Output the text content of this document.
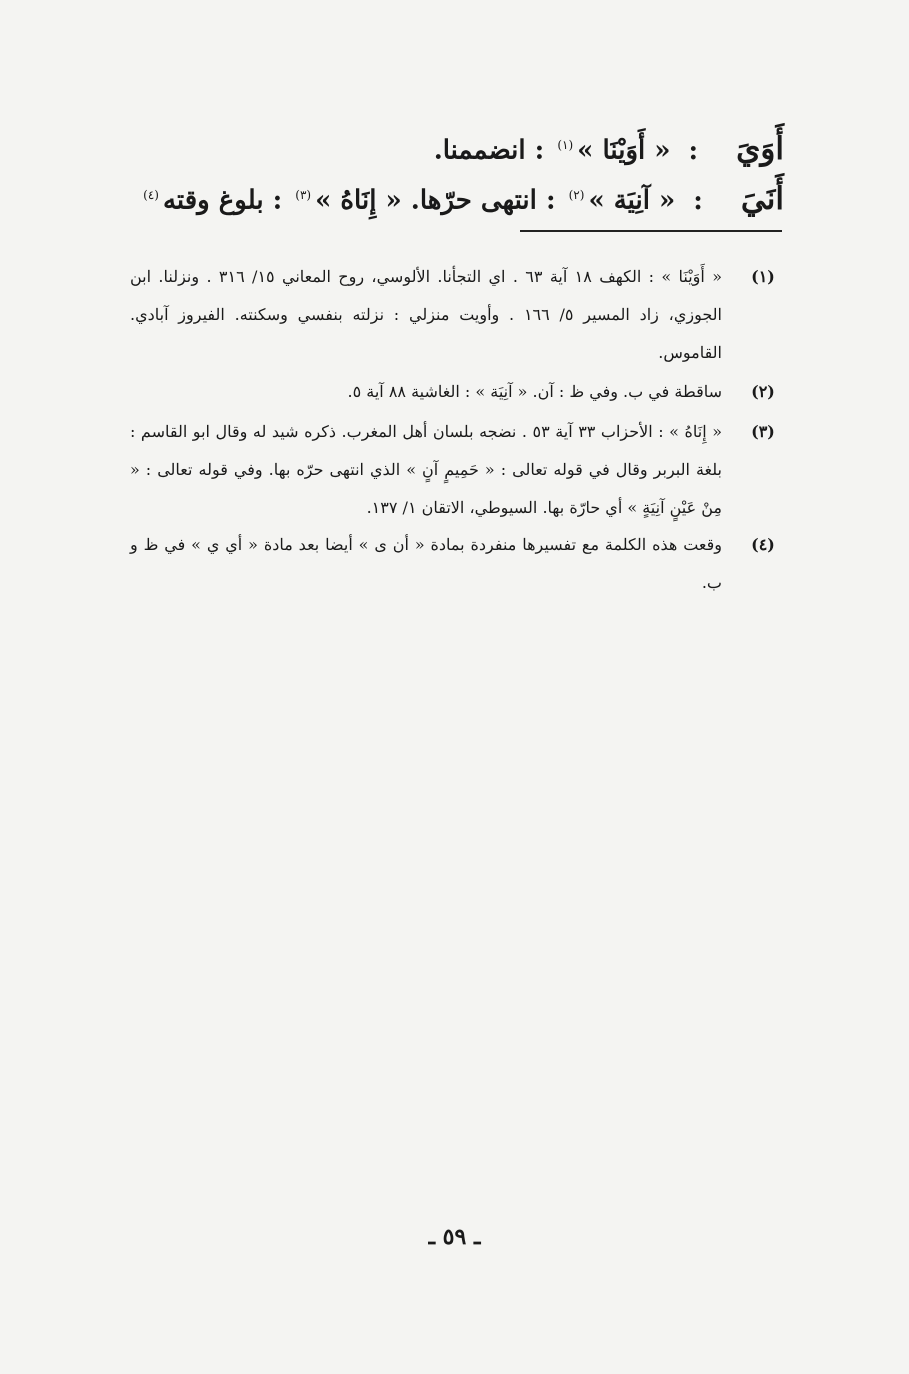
أَوَيَ:« أَوَيْنَا »$^{(١)}$ : انضممنا.
أَنَيَ:« آنِيَة »$^{(٢)}$ : انتهى حرّها. « إِنَاهُ »$^{(٣)}$ : بلوغ وقته$^{(٤)}$
(١)
« أَوَيْنَا » : الكهف ١٨ آية ٦٣ . اي التجأنا. الألوسي، روح المعاني ١٥/ ٣١٦ . ونزلنا. ابن الجوزي، زاد المسير ٥/ ١٦٦ . وأويت منزلي : نزلته بنفسي وسكنته. الفيروز آبادي. القاموس.
(٢)
ساقطة في ب. وفي ظ : آن. « آنِيَة » : الغاشية ٨٨ آية ٥.
(٣)
« إِنَاهُ » : الأحزاب ٣٣ آية ٥٣ . نضجه بلسان أهل المغرب. ذكره شيد له وقال ابو القاسم : بلغة البربر وقال في قوله تعالى : « حَمِيمٍ آنٍ » الذي انتهى حرّه بها. وفي قوله تعالى : « مِنْ عَيْنٍ آنِيَةٍ » أي حارّة بها. السيوطي، الاتقان ١/ ١٣٧.
(٤)
وقعت هذه الكلمة مع تفسيرها منفردة بمادة « أن ى » أيضا بعد مادة « أي ي » في ظ و ب.
ـ ٥٩ ـ
